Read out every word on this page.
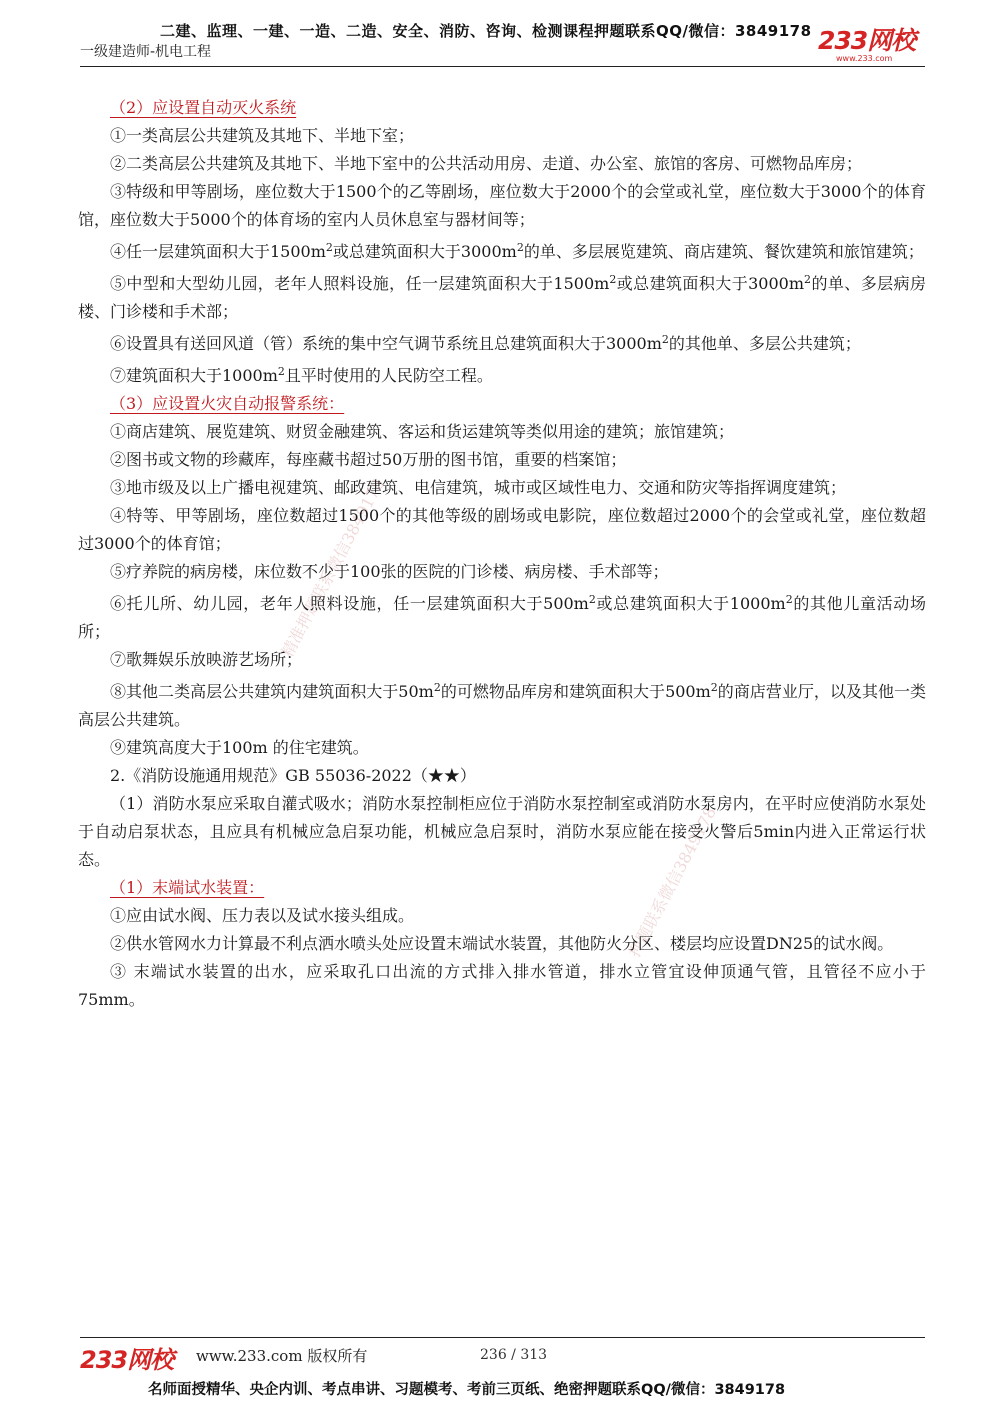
二建、监理、一建、一造、二造、安全、消防、咨询、检测课程押题联系QQ/微信：3849178
一级建造师-机电工程	233网校
www.233.com
精准押题联系微信3849178
押题联系微信3849178

（2）应设置自动灭火系统

①一类高层公共建筑及其地下、半地下室；

②二类高层公共建筑及其地下、半地下室中的公共活动用房、走道、办公室、旅馆的客房、可燃物品库房；

③特级和甲等剧场，座位数大于1500个的乙等剧场，座位数大于2000个的会堂或礼堂，座位数大于3000个的体育馆，座位数大于5000个的体育场的室内人员休息室与器材间等；

④任一层建筑面积大于$1500m^2$或总建筑面积大于$3000m^2$的单、多层展览建筑、商店建筑、餐饮建筑和旅馆建筑；

⑤中型和大型幼儿园，老年人照料设施，任一层建筑面积大于$1500m^2$或总建筑面积大于$3000m^2$的单、多层病房楼、门诊楼和手术部；

⑥设置具有送回风道（管）系统的集中空气调节系统且总建筑面积大于$3000m^2$的其他单、多层公共建筑；

⑦建筑面积大于$1000m^2$且平时使用的人民防空工程。

（3）应设置火灾自动报警系统：

①商店建筑、展览建筑、财贸金融建筑、客运和货运建筑等类似用途的建筑；旅馆建筑；

②图书或文物的珍藏库，每座藏书超过50万册的图书馆，重要的档案馆；

③地市级及以上广播电视建筑、邮政建筑、电信建筑，城市或区域性电力、交通和防灾等指挥调度建筑；

④特等、甲等剧场，座位数超过1500个的其他等级的剧场或电影院，座位数超过2000个的会堂或礼堂，座位数超过3000个的体育馆；

⑤疗养院的病房楼，床位数不少于100张的医院的门诊楼、病房楼、手术部等；

⑥托儿所、幼儿园，老年人照料设施，任一层建筑面积大于$500m^2$或总建筑面积大于$1000m^2$的其他儿童活动场所；

⑦歌舞娱乐放映游艺场所；

⑧其他二类高层公共建筑内建筑面积大于$50m^2$的可燃物品库房和建筑面积大于$500m^2$的商店营业厅，以及其他一类高层公共建筑。

⑨建筑高度大于100m 的住宅建筑。

2.《消防设施通用规范》GB 55036-2022（★★）

（1）消防水泵应采取自灌式吸水；消防水泵控制柜应位于消防水泵控制室或消防水泵房内，在平时应使消防水泵处于自动启泵状态，且应具有机械应急启泵功能，机械应急启泵时，消防水泵应能在接受火警后5min内进入正常运行状态。

（1）末端试水装置：

①应由试水阀、压力表以及试水接头组成。

②供水管网水力计算最不利点洒水喷头处应设置末端试水装置，其他防火分区、楼层均应设置DN25的试水阀。

③ 末端试水装置的出水，应采取孔口出流的方式排入排水管道，排水立管宜设伸顶通气管，且管径不应小于75mm。

233网校 www.233.com 版权所有	236 / 313
名师面授精华、央企内训、考点串讲、习题模考、考前三页纸、绝密押题联系QQ/微信：3849178
